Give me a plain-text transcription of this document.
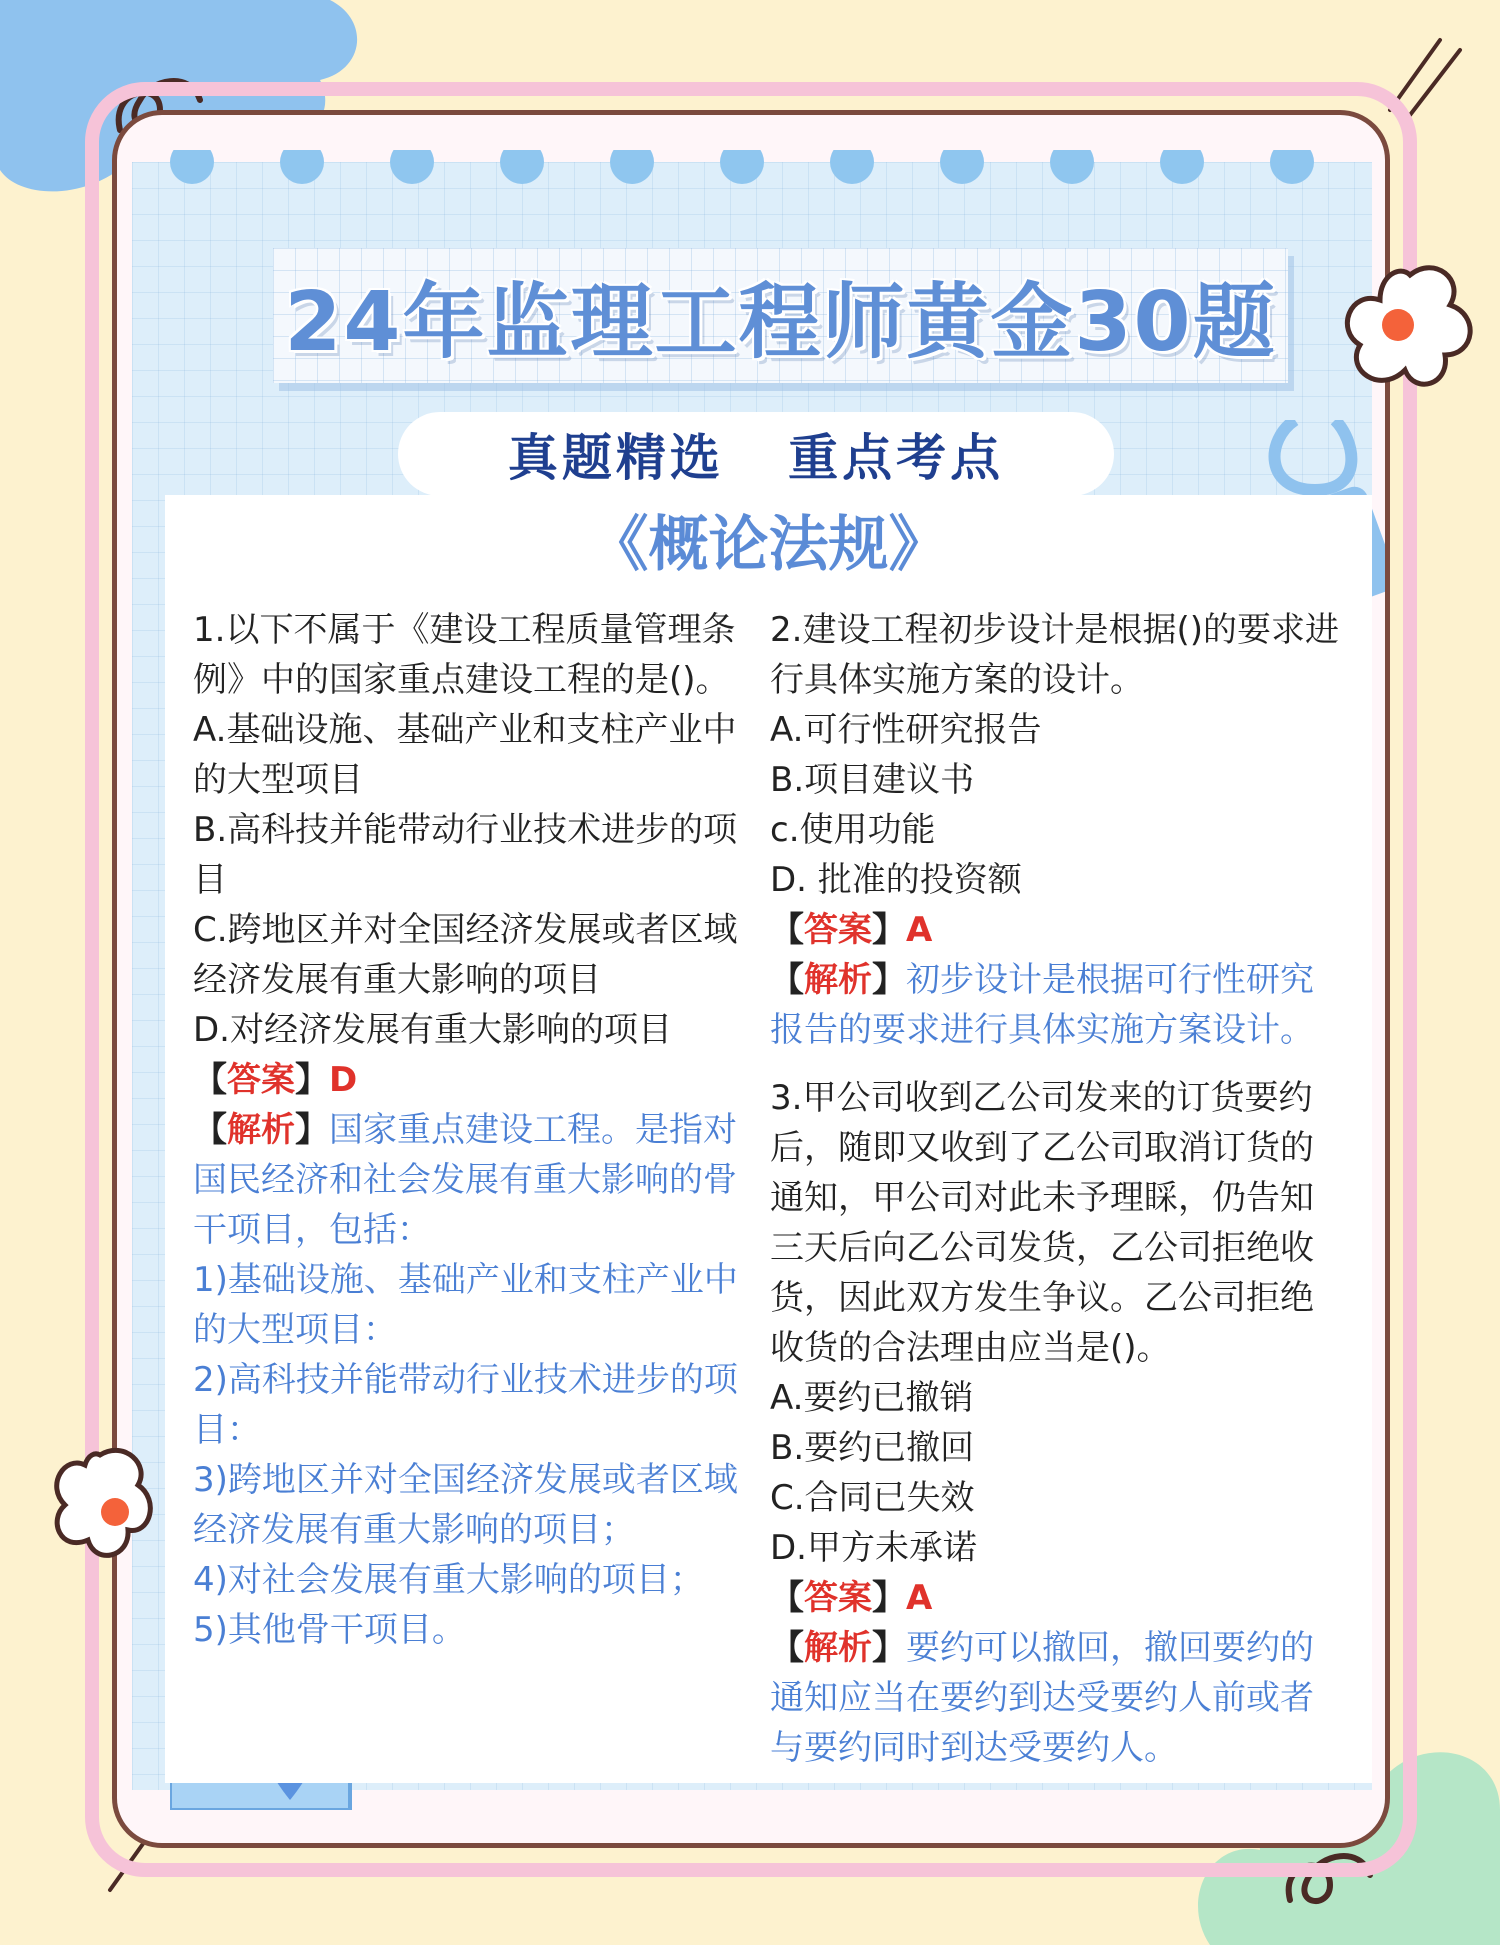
24年监理工程师黄金30题
真题精选   重点考点
《概论法规》

1.以下不属于《建设工程质量管理条例》中的国家重点建设工程的是()。

A.基础设施、基础产业和支柱产业中的大型项目

B.高科技并能带动行业技术进步的项目

C.跨地区并对全国经济发展或者区域经济发展有重大影响的项目

D.对经济发展有重大影响的项目

【答案】D

【解析】国家重点建设工程。是指对国民经济和社会发展有重大影响的骨干项目，包括：

1)基础设施、基础产业和支柱产业中的大型项目：

2)高科技并能带动行业技术进步的项目：

3)跨地区并对全国经济发展或者区域经济发展有重大影响的项目；

4)对社会发展有重大影响的项目；

5)其他骨干项目。

2.建设工程初步设计是根据()的要求进行具体实施方案的设计。

A.可行性研究报告

B.项目建议书

c.使用功能

D. 批准的投资额

【答案】A

【解析】初步设计是根据可行性研究报告的要求进行具体实施方案设计。

3.甲公司收到乙公司发来的订货要约后，随即又收到了乙公司取消订货的通知，甲公司对此未予理睬，仍告知三天后向乙公司发货，乙公司拒绝收货，因此双方发生争议。乙公司拒绝收货的合法理由应当是()。

A.要约已撤销

B.要约已撤回

C.合同已失效

D.甲方未承诺

【答案】A

【解析】要约可以撤回，撤回要约的通知应当在要约到达受要约人前或者与要约同时到达受要约人。
